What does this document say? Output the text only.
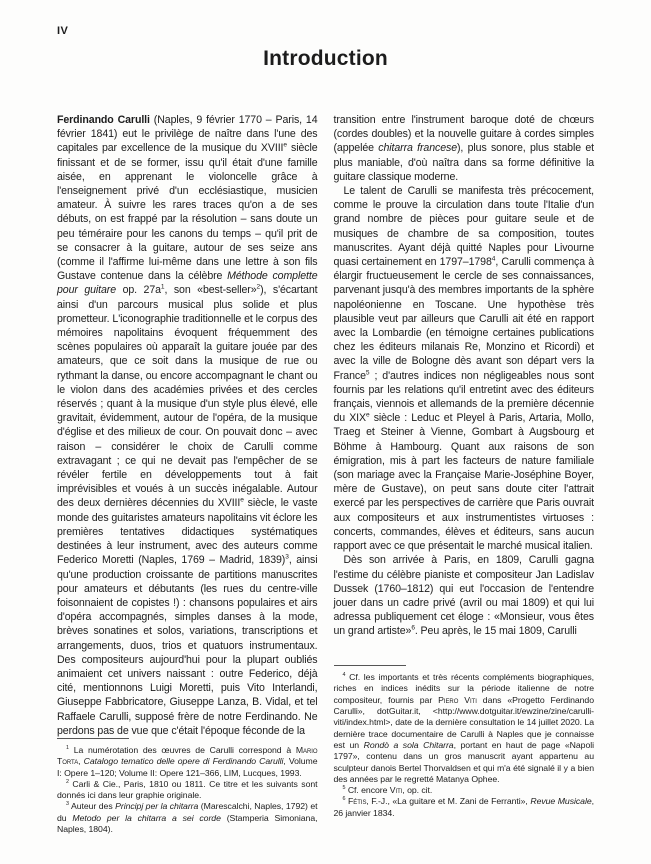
IV
Introduction

Ferdinando Carulli (Naples, 9 février 1770 – Paris, 14 février 1841) eut le privilège de naître dans l'une des capitales par excellence de la musique du XVIIIe siècle finissant et de se former, issu qu'il était d'une famille aisée, en apprenant le violoncelle grâce à l'enseignement privé d'un ecclésiastique, musicien amateur. À suivre les rares traces qu'on a de ses débuts, on est frappé par la résolution – sans doute un peu téméraire pour les canons du temps – qu'il prit de se consacrer à la guitare, autour de ses seize ans (comme il l'affirme lui-même dans une lettre à son fils Gustave contenue dans la célèbre Méthode complette pour guitare op. $27a^1$, son «best-seller»$^2$), s'écartant ainsi d'un parcours musical plus solide et plus prometteur. L'iconographie traditionnelle et le corpus des mémoires napolitains évoquent fréquemment des scènes populaires où apparaît la guitare jouée par des amateurs, que ce soit dans la musique de rue ou rythmant la danse, ou encore accompagnant le chant ou le violon dans des académies privées et des cercles réservés ; quant à la musique d'un style plus élevé, elle gravitait, évidemment, autour de l'opéra, de la musique d'église et des milieux de cour. On pouvait donc – avec raison – considérer le choix de Carulli comme extravagant ; ce qui ne devait pas l'empêcher de se révéler fertile en développements tout à fait imprévisibles et voués à un succès inégalable. Autour des deux dernières décennies du XVIIIe siècle, le vaste monde des guitaristes amateurs napolitains vit éclore les premières tentatives didactiques systématiques destinées à leur instrument, avec des auteurs comme Federico Moretti (Naples, 1769 – Madrid, 1839)$^3$, ainsi qu'une production croissante de partitions manuscrites pour amateurs et débutants (les rues du centre-ville foisonnaient de copistes !) : chansons populaires et airs d'opéra accompagnés, simples danses à la mode, brèves sonatines et solos, variations, transcriptions et arrangements, duos, trios et quatuors instrumentaux. Des compositeurs aujourd'hui pour la plupart oubliés animaient cet univers naissant : outre Federico, déjà cité, mentionnons Luigi Moretti, puis Vito Interlandi, Giuseppe Fabbricatore, Giuseppe Lanza, B. Vidal, et tel Raffaele Carulli, supposé frère de notre Ferdinando. Ne perdons pas de vue que c'était l'époque féconde de la

$^1$ La numérotation des œuvres de Carulli correspond à Mario Torta, Catalogo tematico delle opere di Ferdinando Carulli, Volume I: Opere 1–120; Volume II: Opere 121–366, LIM, Lucques, 1993.

$^2$ Carli & Cie., Paris, 1810 ou 1811. Ce titre et les suivants sont donnés ici dans leur graphie originale.

$^3$ Auteur des Principj per la chitarra (Marescalchi, Naples, 1792) et du Metodo per la chitarra a sei corde (Stamperia Simoniana, Naples, 1804).

transition entre l'instrument baroque doté de chœurs (cordes doubles) et la nouvelle guitare à cordes simples (appelée chitarra francese), plus sonore, plus stable et plus maniable, d'où naîtra dans sa forme définitive la guitare classique moderne.

Le talent de Carulli se manifesta très précocement, comme le prouve la circulation dans toute l'Italie d'un grand nombre de pièces pour guitare seule et de musiques de chambre de sa composition, toutes manuscrites. Ayant déjà quitté Naples pour Livourne quasi certainement en 1797–1798$^4$, Carulli commença à élargir fructueusement le cercle de ses connaissances, parvenant jusqu'à des membres importants de la sphère napoléonienne en Toscane. Une hypothèse très plausible veut par ailleurs que Carulli ait été en rapport avec la Lombardie (en témoigne certaines publications chez les éditeurs milanais Re, Monzino et Ricordi) et avec la ville de Bologne dès avant son départ vers la France$^5$ ; d'autres indices non négligeables nous sont fournis par les relations qu'il entretint avec des éditeurs français, viennois et allemands de la première décennie du XIXe siècle : Leduc et Pleyel à Paris, Artaria, Mollo, Traeg et Steiner à Vienne, Gombart à Augsbourg et Böhme à Hambourg. Quant aux raisons de son émigration, mis à part les facteurs de nature familiale (son mariage avec la Française Marie-Joséphine Boyer, mère de Gustave), on peut sans doute citer l'attrait exercé par les perspectives de carrière que Paris ouvrait aux compositeurs et aux instrumentistes virtuoses : concerts, commandes, élèves et éditeurs, sans aucun rapport avec ce que présentait le marché musical italien.

Dès son arrivée à Paris, en 1809, Carulli gagna l'estime du célèbre pianiste et compositeur Jan Ladislav Dussek (1760–1812) qui eut l'occasion de l'entendre jouer dans un cadre privé (avril ou mai 1809) et qui lui adressa publiquement cet éloge : «Monsieur, vous êtes un grand artiste»$^6$. Peu après, le 15 mai 1809, Carulli

$^4$ Cf. les importants et très récents compléments biographiques, riches en indices inédits sur la période italienne de notre compositeur, fournis par Piero Viti dans «Progetto Ferdinando Carulli», dotGuitar.it, <http://www.dotguitar.it/ewzine/zine/carulli-viti/index.html>, date de la dernière consultation le 14 juillet 2020. La dernière trace documentaire de Carulli à Naples que je connaisse est un Rondò a sola Chitarra, portant en haut de page «Napoli 1797», contenu dans un gros manuscrit ayant appartenu au sculpteur danois Bertel Thorvaldsen et qui m'a été signalé il y a bien des années par le regretté Matanya Ophee.

$^5$ Cf. encore Viti, op. cit.

$^6$ Fétis, F.-J., «La guitare et M. Zani de Ferranti», Revue Musicale, 26 janvier 1834.
